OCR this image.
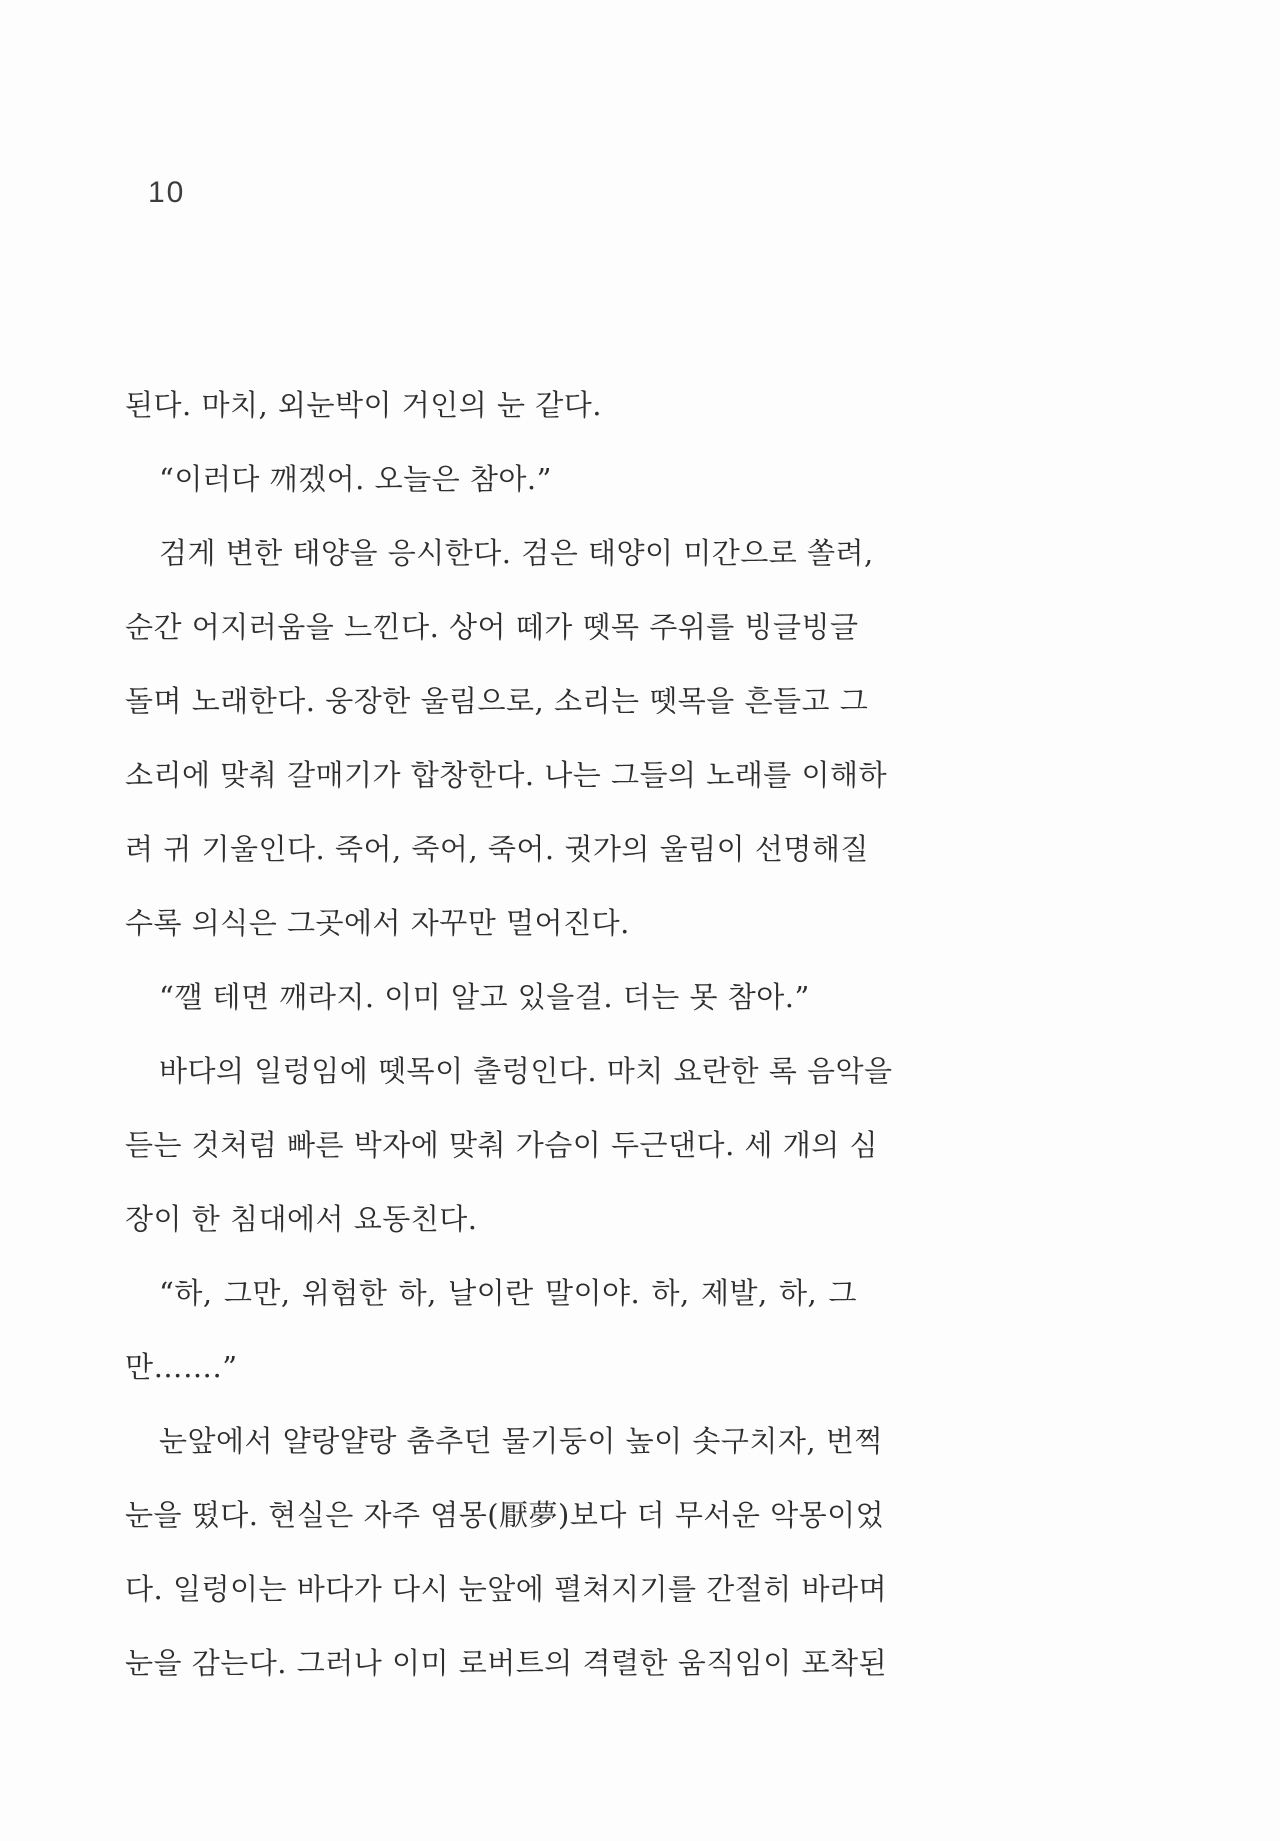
10
된다. 마치, 외눈박이 거인의 눈 같다.
“이러다 깨겠어. 오늘은 참아.”
검게 변한 태양을 응시한다. 검은 태양이 미간으로 쏠려,
순간 어지러움을 느낀다. 상어 떼가 뗏목 주위를 빙글빙글
돌며 노래한다. 웅장한 울림으로, 소리는 뗏목을 흔들고 그
소리에 맞춰 갈매기가 합창한다. 나는 그들의 노래를 이해하
려 귀 기울인다. 죽어, 죽어, 죽어. 귓가의 울림이 선명해질
수록 의식은 그곳에서 자꾸만 멀어진다.
“깰 테면 깨라지. 이미 알고 있을걸. 더는 못 참아.”
바다의 일렁임에 뗏목이 출렁인다. 마치 요란한 록 음악을
듣는 것처럼 빠른 박자에 맞춰 가슴이 두근댄다. 세 개의 심
장이 한 침대에서 요동친다.
“하, 그만, 위험한 하, 날이란 말이야. 하, 제발, 하, 그
만…….”
눈앞에서 얄랑얄랑 춤추던 물기둥이 높이 솟구치자, 번쩍
눈을 떴다. 현실은 자주 염몽(厭夢)보다 더 무서운 악몽이었
다. 일렁이는 바다가 다시 눈앞에 펼쳐지기를 간절히 바라며
눈을 감는다. 그러나 이미 로버트의 격렬한 움직임이 포착된
